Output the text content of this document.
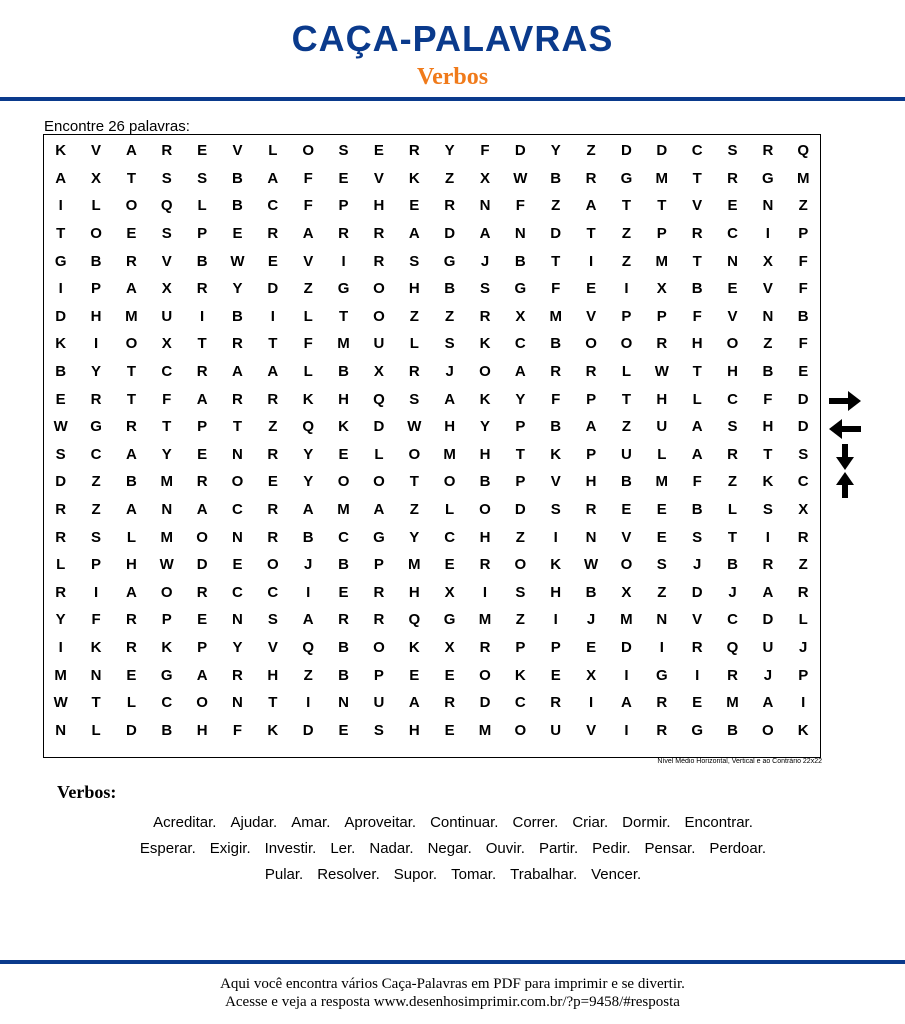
CAÇA-PALAVRAS
Verbos
Encontre 26 palavras:
K	V	A	R	E	V	L	O	S	E	R	Y	F	D	Y	Z	D	D	C	S	R	Q
A	X	T	S	S	B	A	F	E	V	K	Z	X	W	B	R	G	M	T	R	G	M
I	L	O	Q	L	B	C	F	P	H	E	R	N	F	Z	A	T	T	V	E	N	Z
T	O	E	S	P	E	R	A	R	R	A	D	A	N	D	T	Z	P	R	C	I	P
G	B	R	V	B	W	E	V	I	R	S	G	J	B	T	I	Z	M	T	N	X	F
I	P	A	X	R	Y	D	Z	G	O	H	B	S	G	F	E	I	X	B	E	V	F
D	H	M	U	I	B	I	L	T	O	Z	Z	R	X	M	V	P	P	F	V	N	B
K	I	O	X	T	R	T	F	M	U	L	S	K	C	B	O	O	R	H	O	Z	F
B	Y	T	C	R	A	A	L	B	X	R	J	O	A	R	R	L	W	T	H	B	E
E	R	T	F	A	R	R	K	H	Q	S	A	K	Y	F	P	T	H	L	C	F	D
W	G	R	T	P	T	Z	Q	K	D	W	H	Y	P	B	A	Z	U	A	S	H	D
S	C	A	Y	E	N	R	Y	E	L	O	M	H	T	K	P	U	L	A	R	T	S
D	Z	B	M	R	O	E	Y	O	O	T	O	B	P	V	H	B	M	F	Z	K	C
R	Z	A	N	A	C	R	A	M	A	Z	L	O	D	S	R	E	E	B	L	S	X
R	S	L	M	O	N	R	B	C	G	Y	C	H	Z	I	N	V	E	S	T	I	R
L	P	H	W	D	E	O	J	B	P	M	E	R	O	K	W	O	S	J	B	R	Z
R	I	A	O	R	C	C	I	E	R	H	X	I	S	H	B	X	Z	D	J	A	R
Y	F	R	P	E	N	S	A	R	R	Q	G	M	Z	I	J	M	N	V	C	D	L
I	K	R	K	P	Y	V	Q	B	O	K	X	R	P	P	E	D	I	R	Q	U	J
M	N	E	G	A	R	H	Z	B	P	E	E	O	K	E	X	I	G	I	R	J	P
W	T	L	C	O	N	T	I	N	U	A	R	D	C	R	I	A	R	E	M	A	I
N	L	D	B	H	F	K	D	E	S	H	E	M	O	U	V	I	R	G	B	O	K
Nível Médio Horizontal, Vertical e ao Contrário 22x22
Verbos:
Acreditar. Ajudar. Amar. Aproveitar. Continuar. Correr. Criar. Dormir. Encontrar.
Esperar. Exigir. Investir. Ler. Nadar. Negar. Ouvir. Partir. Pedir. Pensar. Perdoar.
Pular. Resolver. Supor. Tomar. Trabalhar. Vencer.
Aqui você encontra vários Caça-Palavras em PDF para imprimir e se divertir.
Acesse e veja a resposta www.desenhosimprimir.com.br/?p=9458/#resposta
